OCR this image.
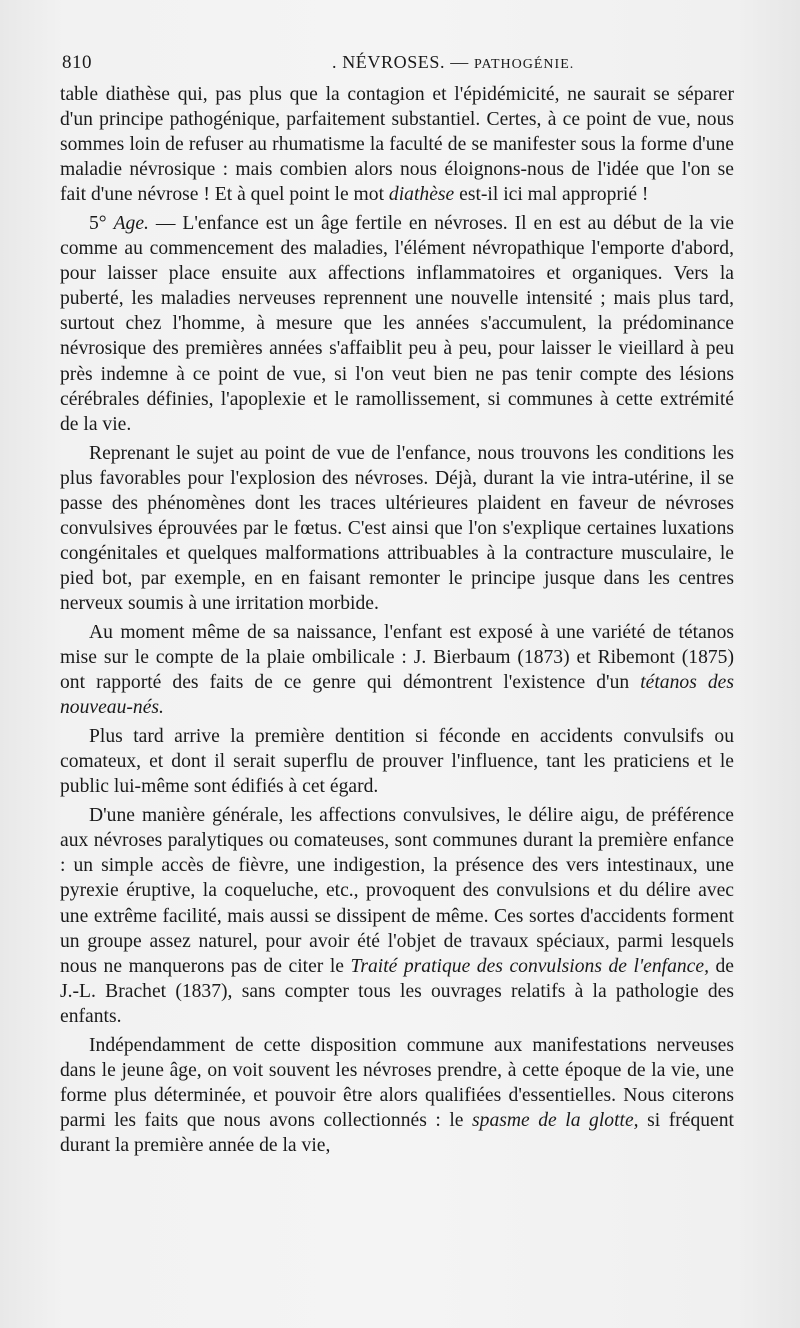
810	. NÉVROSES. — PATHOGÉNIE.

table diathèse qui, pas plus que la contagion et l'épidémicité, ne saurait se séparer d'un principe pathogénique, parfaitement substantiel. Certes, à ce point de vue, nous sommes loin de refuser au rhumatisme la faculté de se manifester sous la forme d'une maladie névrosique : mais combien alors nous éloignons-nous de l'idée que l'on se fait d'une névrose ! Et à quel point le mot diathèse est-il ici mal approprié !

5° Age. — L'enfance est un âge fertile en névroses. Il en est au début de la vie comme au commencement des maladies, l'élément névropathique l'emporte d'abord, pour laisser place ensuite aux affections inflammatoires et organiques. Vers la puberté, les maladies nerveuses reprennent une nouvelle intensité ; mais plus tard, surtout chez l'homme, à mesure que les années s'accumulent, la prédominance névrosique des premières années s'affaiblit peu à peu, pour laisser le vieillard à peu près indemne à ce point de vue, si l'on veut bien ne pas tenir compte des lésions cérébrales définies, l'apoplexie et le ramollissement, si communes à cette extrémité de la vie.

Reprenant le sujet au point de vue de l'enfance, nous trouvons les conditions les plus favorables pour l'explosion des névroses. Déjà, durant la vie intra-utérine, il se passe des phénomènes dont les traces ultérieures plaident en faveur de névroses convulsives éprouvées par le fœtus. C'est ainsi que l'on s'explique certaines luxations congénitales et quelques malformations attribuables à la contracture musculaire, le pied bot, par exemple, en en faisant remonter le principe jusque dans les centres nerveux soumis à une irritation morbide.

Au moment même de sa naissance, l'enfant est exposé à une variété de tétanos mise sur le compte de la plaie ombilicale : J. Bierbaum (1873) et Ribemont (1875) ont rapporté des faits de ce genre qui démontrent l'existence d'un tétanos des nouveau-nés.

Plus tard arrive la première dentition si féconde en accidents convulsifs ou comateux, et dont il serait superflu de prouver l'influence, tant les praticiens et le public lui-même sont édifiés à cet égard.

D'une manière générale, les affections convulsives, le délire aigu, de préférence aux névroses paralytiques ou comateuses, sont communes durant la première enfance : un simple accès de fièvre, une indigestion, la présence des vers intestinaux, une pyrexie éruptive, la coqueluche, etc., provoquent des convulsions et du délire avec une extrême facilité, mais aussi se dissipent de même. Ces sortes d'accidents forment un groupe assez naturel, pour avoir été l'objet de travaux spéciaux, parmi lesquels nous ne manquerons pas de citer le Traité pratique des convulsions de l'enfance, de J.-L. Brachet (1837), sans compter tous les ouvrages relatifs à la pathologie des enfants.

Indépendamment de cette disposition commune aux manifestations nerveuses dans le jeune âge, on voit souvent les névroses prendre, à cette époque de la vie, une forme plus déterminée, et pouvoir être alors qualifiées d'essentielles. Nous citerons parmi les faits que nous avons collectionnés : le spasme de la glotte, si fréquent durant la première année de la vie,
